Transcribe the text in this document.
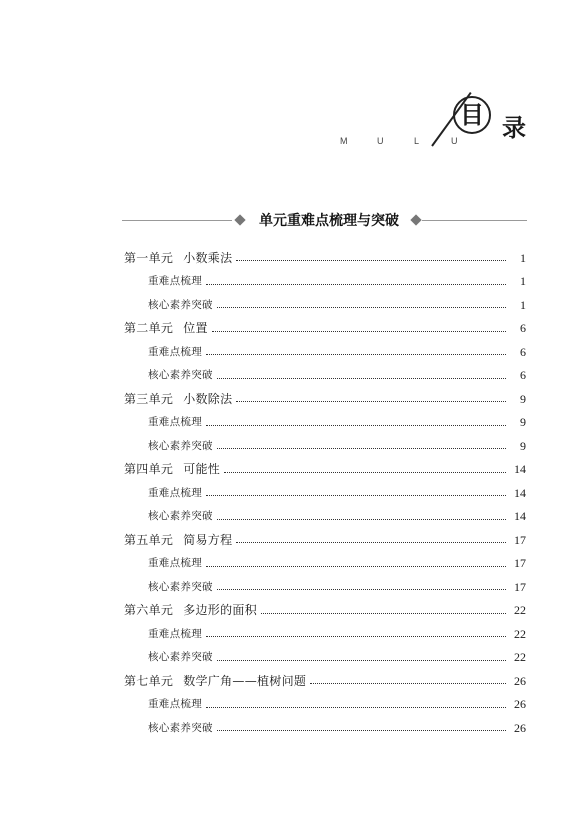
M	U	L	U
目 录
单元重难点梳理与突破
第一单元 小数乘法	1
重难点梳理	1
核心素养突破	1
第二单元 位置	6
重难点梳理	6
核心素养突破	6
第三单元 小数除法	9
重难点梳理	9
核心素养突破	9
第四单元 可能性	14
重难点梳理	14
核心素养突破	14
第五单元 简易方程	17
重难点梳理	17
核心素养突破	17
第六单元 多边形的面积	22
重难点梳理	22
核心素养突破	22
第七单元 数学广角——植树问题	26
重难点梳理	26
核心素养突破	26
